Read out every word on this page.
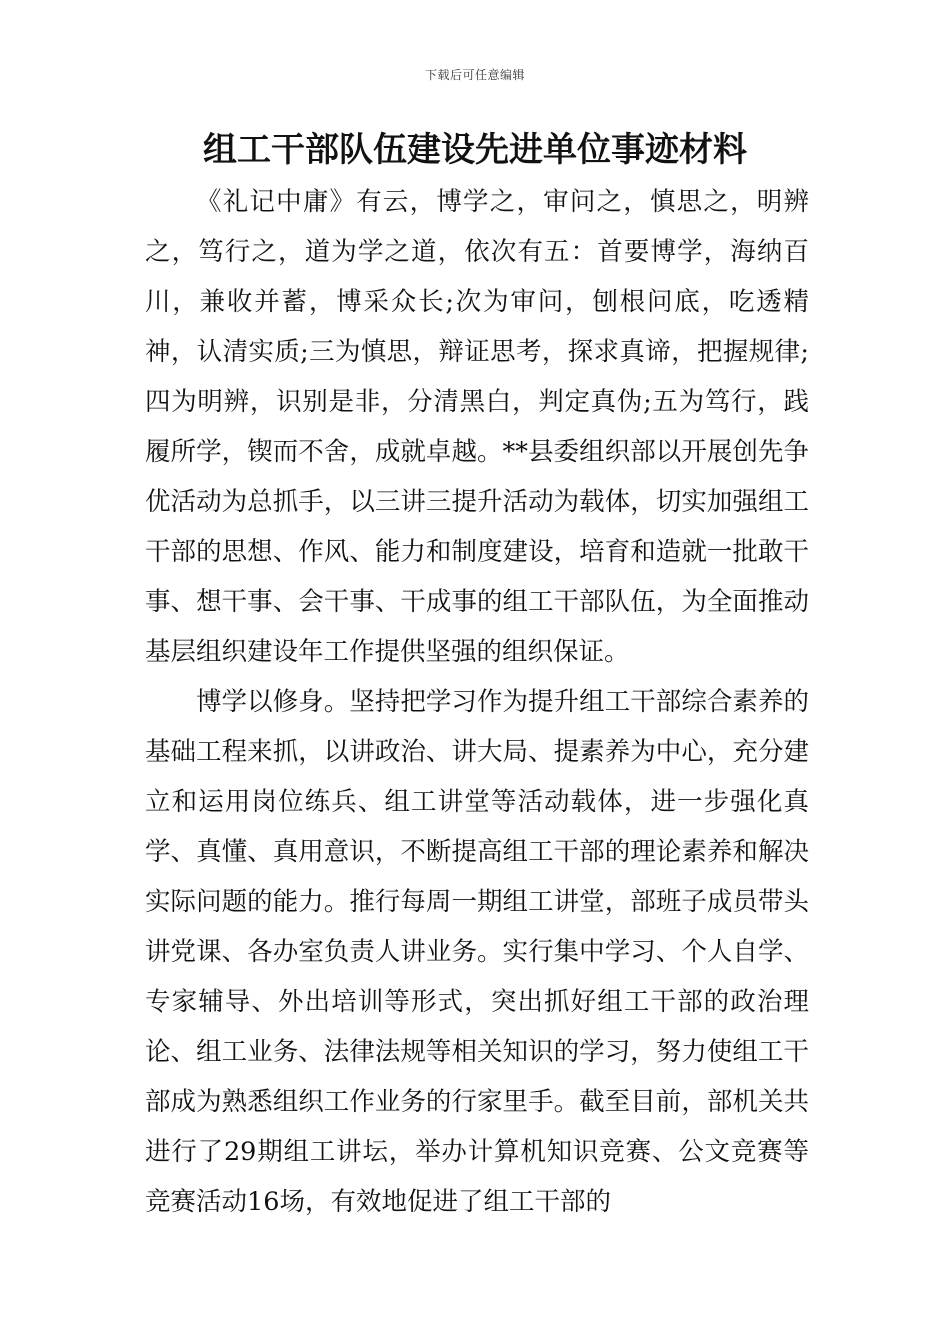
下载后可任意编辑
组工干部队伍建设先进单位事迹材料

《礼记中庸》有云，博学之，审问之，慎思之，明辨之，笃行之，道为学之道，依次有五：首要博学，海纳百川，兼收并蓄，博采众长;次为审问，刨根问底，吃透精神，认清实质;三为慎思，辩证思考，探求真谛，把握规律;四为明辨，识别是非，分清黑白，判定真伪;五为笃行，践履所学，锲而不舍，成就卓越。**县委组织部以开展创先争优活动为总抓手，以三讲三提升活动为载体，切实加强组工干部的思想、作风、能力和制度建设，培育和造就一批敢干事、想干事、会干事、干成事的组工干部队伍，为全面推动基层组织建设年工作提供坚强的组织保证。

博学以修身。坚持把学习作为提升组工干部综合素养的基础工程来抓，以讲政治、讲大局、提素养为中心，充分建立和运用岗位练兵、组工讲堂等活动载体，进一步强化真学、真懂、真用意识，不断提高组工干部的理论素养和解决实际问题的能力。推行每周一期组工讲堂，部班子成员带头讲党课、各办室负责人讲业务。实行集中学习、个人自学、专家辅导、外出培训等形式，突出抓好组工干部的政治理论、组工业务、法律法规等相关知识的学习，努力使组工干部成为熟悉组织工作业务的行家里手。截至目前，部机关共进行了29期组工讲坛，举办计算机知识竞赛、公文竞赛等竞赛活动16场，有效地促进了组工干部的
